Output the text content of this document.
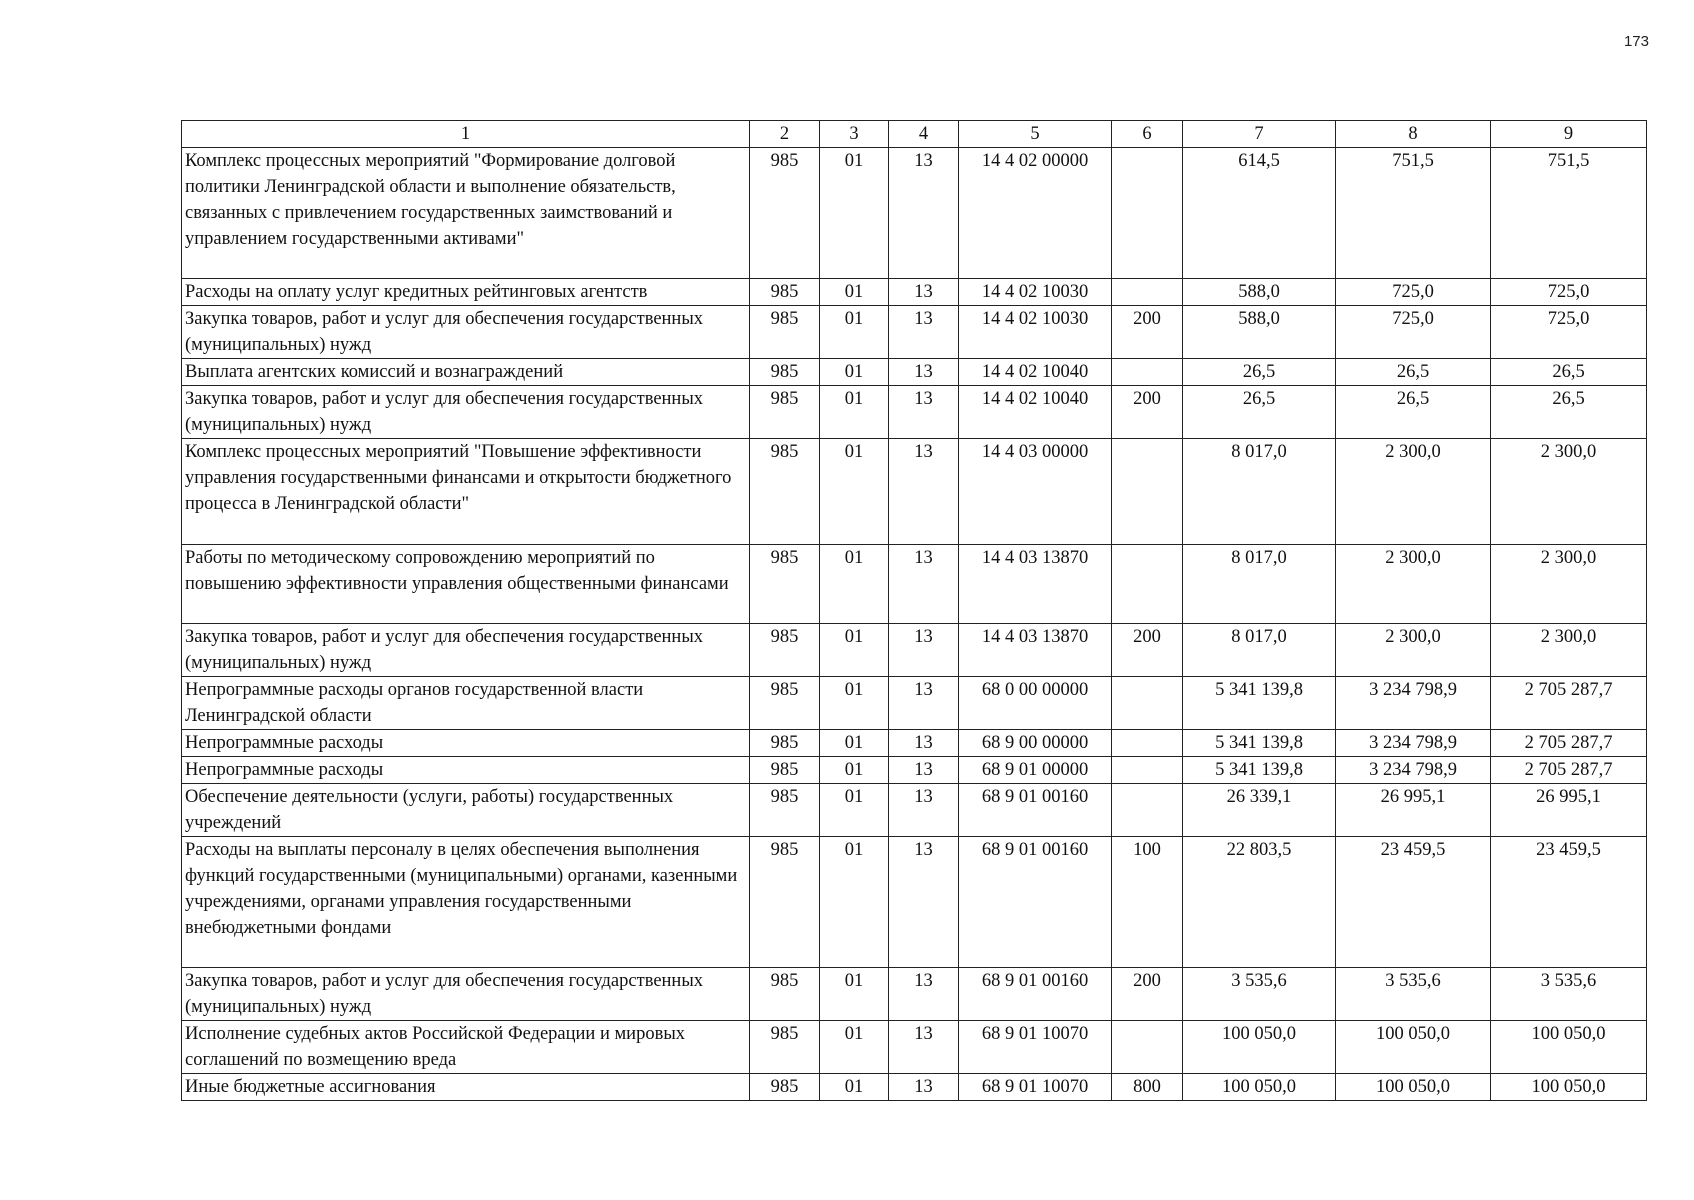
173
1	2	3	4	5	6	7	8	9
Комплекс процессных мероприятий "Формирование долговой политики Ленинградской области и выполнение обязательств, связанных с привлечением государственных заимствований и управлением государственными активами"	985	01	13	14 4 02 00000		614,5	751,5	751,5
Расходы на оплату услуг кредитных рейтинговых агентств	985	01	13	14 4 02 10030		588,0	725,0	725,0
Закупка товаров, работ и услуг для обеспечения государственных (муниципальных) нужд	985	01	13	14 4 02 10030	200	588,0	725,0	725,0
Выплата агентских комиссий и вознаграждений	985	01	13	14 4 02 10040		26,5	26,5	26,5
Закупка товаров, работ и услуг для обеспечения государственных (муниципальных) нужд	985	01	13	14 4 02 10040	200	26,5	26,5	26,5
Комплекс процессных мероприятий "Повышение эффективности управления государственными финансами и открытости бюджетного процесса в Ленинградской области"	985	01	13	14 4 03 00000		8 017,0	2 300,0	2 300,0
Работы по методическому сопровождению мероприятий по повышению эффективности управления общественными финансами	985	01	13	14 4 03 13870		8 017,0	2 300,0	2 300,0
Закупка товаров, работ и услуг для обеспечения государственных (муниципальных) нужд	985	01	13	14 4 03 13870	200	8 017,0	2 300,0	2 300,0
Непрограммные расходы органов государственной власти Ленинградской области	985	01	13	68 0 00 00000		5 341 139,8	3 234 798,9	2 705 287,7
Непрограммные расходы	985	01	13	68 9 00 00000		5 341 139,8	3 234 798,9	2 705 287,7
Непрограммные расходы	985	01	13	68 9 01 00000		5 341 139,8	3 234 798,9	2 705 287,7
Обеспечение деятельности (услуги, работы) государственных учреждений	985	01	13	68 9 01 00160		26 339,1	26 995,1	26 995,1
Расходы на выплаты персоналу в целях обеспечения выполнения функций государственными (муниципальными) органами, казенными учреждениями, органами управления государственными внебюджетными фондами	985	01	13	68 9 01 00160	100	22 803,5	23 459,5	23 459,5
Закупка товаров, работ и услуг для обеспечения государственных (муниципальных) нужд	985	01	13	68 9 01 00160	200	3 535,6	3 535,6	3 535,6
Исполнение судебных актов Российской Федерации и мировых соглашений по возмещению вреда	985	01	13	68 9 01 10070		100 050,0	100 050,0	100 050,0
Иные бюджетные ассигнования	985	01	13	68 9 01 10070	800	100 050,0	100 050,0	100 050,0
